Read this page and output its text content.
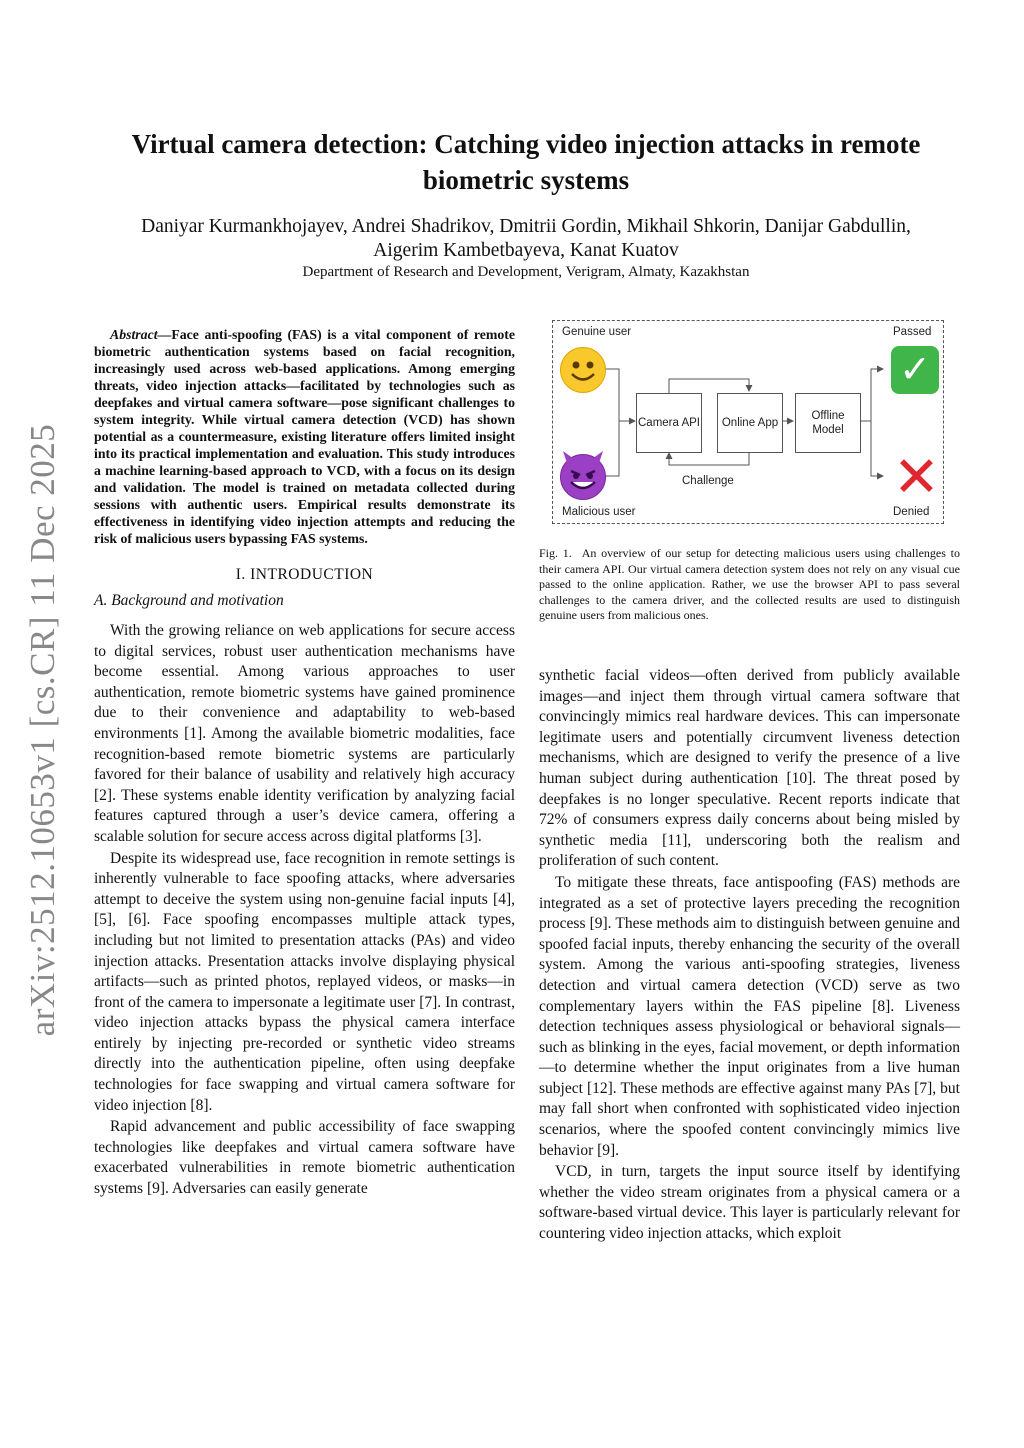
arXiv:2512.10653v1 [cs.CR] 11 Dec 2025
Virtual camera detection: Catching video injection attacks in remote biometric systems
Daniyar Kurmankhojayev, Andrei Shadrikov, Dmitrii Gordin, Mikhail Shkorin, Danijar Gabdullin, Aigerim Kambetbayeva, Kanat Kuatov
Department of Research and Development, Verigram, Almaty, Kazakhstan

Abstract—Face anti-spoofing (FAS) is a vital component of remote biometric authentication systems based on facial recognition, increasingly used across web-based applications. Among emerging threats, video injection attacks—facilitated by technologies such as deepfakes and virtual camera software—pose significant challenges to system integrity. While virtual camera detection (VCD) has shown potential as a countermeasure, existing literature offers limited insight into its practical implementation and evaluation. This study introduces a machine learning-based approach to VCD, with a focus on its design and validation. The model is trained on metadata collected during sessions with authentic users. Empirical results demonstrate its effectiveness in identifying video injection attempts and reducing the risk of malicious users bypassing FAS systems.

I. INTRODUCTION
A. Background and motivation

With the growing reliance on web applications for secure access to digital services, robust user authentication mechanisms have become essential. Among various approaches to user authentication, remote biometric systems have gained prominence due to their convenience and adaptability to web-based environments [1]. Among the available biometric modalities, face recognition-based remote biometric systems are particularly favored for their balance of usability and relatively high accuracy [2]. These systems enable identity verification by analyzing facial features captured through a user’s device camera, offering a scalable solution for secure access across digital platforms [3].

Despite its widespread use, face recognition in remote settings is inherently vulnerable to face spoofing attacks, where adversaries attempt to deceive the system using non-genuine facial inputs [4], [5], [6]. Face spoofing encompasses multiple attack types, including but not limited to presentation attacks (PAs) and video injection attacks. Presentation attacks involve displaying physical artifacts—such as printed photos, replayed videos, or masks—in front of the camera to impersonate a legitimate user [7]. In contrast, video injection attacks bypass the physical camera interface entirely by injecting pre-recorded or synthetic video streams directly into the authentication pipeline, often using deepfake technologies for face swapping and virtual camera software for video injection [8].

Rapid advancement and public accessibility of face swapping technologies like deepfakes and virtual camera software have exacerbated vulnerabilities in remote biometric authentication systems [9]. Adversaries can easily generate

Genuine user
Malicious user
Passed
Denied
Camera API	Online App
Offline Model
Challenge
✓
✕
Fig. 1. An overview of our setup for detecting malicious users using challenges to their camera API. Our virtual camera detection system does not rely on any visual cue passed to the online application. Rather, we use the browser API to pass several challenges to the camera driver, and the collected results are used to distinguish genuine users from malicious ones.

synthetic facial videos—often derived from publicly available images—and inject them through virtual camera software that convincingly mimics real hardware devices. This can impersonate legitimate users and potentially circumvent liveness detection mechanisms, which are designed to verify the presence of a live human subject during authentication [10]. The threat posed by deepfakes is no longer speculative. Recent reports indicate that 72% of consumers express daily concerns about being misled by synthetic media [11], underscoring both the realism and proliferation of such content.

To mitigate these threats, face antispoofing (FAS) methods are integrated as a set of protective layers preceding the recognition process [9]. These methods aim to distinguish between genuine and spoofed facial inputs, thereby enhancing the security of the overall system. Among the various anti-spoofing strategies, liveness detection and virtual camera detection (VCD) serve as two complementary layers within the FAS pipeline [8]. Liveness detection techniques assess physiological or behavioral signals—such as blinking in the eyes, facial movement, or depth information—to determine whether the input originates from a live human subject [12]. These methods are effective against many PAs [7], but may fall short when confronted with sophisticated video injection scenarios, where the spoofed content convincingly mimics live behavior [9].

VCD, in turn, targets the input source itself by identifying whether the video stream originates from a physical camera or a software-based virtual device. This layer is particularly relevant for countering video injection attacks, which exploit
